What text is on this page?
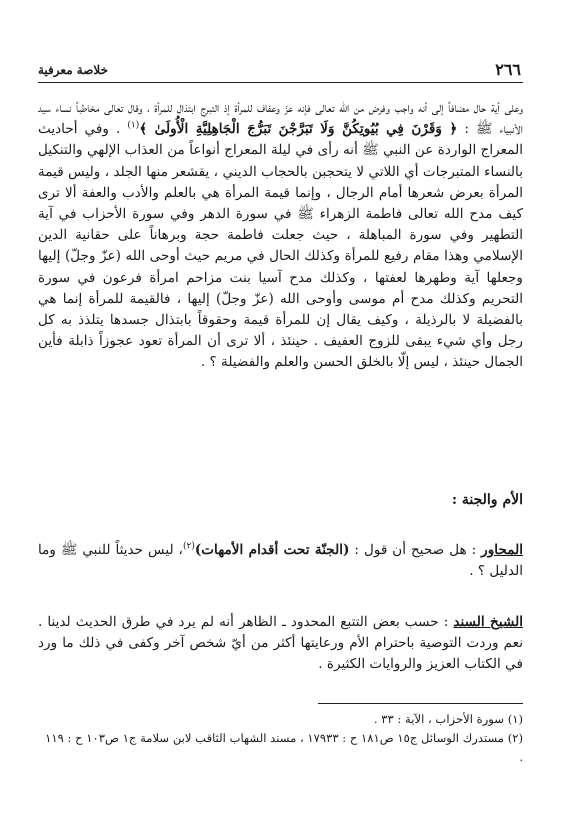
٢٦٦
خلاصة معرفية

وعلى أية حال مضافاً إلى أنه واجب وفرض من الله تعالى فإنه عزّ وعفاف للمرأة إذ التبرج ابتذال للمرأة ، وقال تعالى مخاطباً نساء سيد الأنبياء ﷺ : ﴿ وَقَرْنَ فِي بُيُوتِكُنَّ وَلَا تَبَرَّجْنَ تَبَرُّجَ الْجَاهِلِيَّةِ الْأُولَىٰ ﴾$^{(١)}$ . وفي أحاديث المعراج الواردة عن النبي ﷺ أنه رأى في ليلة المعراج أنواعاً من العذاب الإلهي والتنكيل بالنساء المتبرجات أي اللاتي لا يتحجبن بالحجاب الديني ، يقشعر منها الجلد ، وليس قيمة المرأة بعرض شعرها أمام الرجال ، وإنما قيمة المرأة هي بالعلم والأدب والعفة ألا ترى كيف مدح الله تعالى فاطمة الزهراء ﷺ في سورة الدهر وفي سورة الأحزاب في آية التطهير وفي سورة المباهلة ، حيث جعلت فاطمة حجة وبرهاناً على حقانية الدين الإسلامي وهذا مقام رفيع للمرأة وكذلك الحال في مريم حيث أوحى الله (عزّ وجلّ) إليها وجعلها آية وطهرها لعفتها ، وكذلك مدح آسيا بنت مزاحم امرأة فرعون في سورة التحريم وكذلك مدح أم موسى وأوحى الله (عزّ وجلّ) إليها ، فالقيمة للمرأة إنما هي بالفضيلة لا بالرذيلة ، وكيف يقال إن للمرأة قيمة وحقوقاً بابتذال جسدها يتلذذ به كل رجل وأي شيء يبقى للزوج العفيف . حينئذ ، ألا ترى أن المرأة تعود عجوزاً ذابلة فأين الجمال حينئذ ، ليس إلّا بالخلق الحسن والعلم والفضيلة ؟ .

الأم والجنة :

المحاور : هل صحيح أن قول : (الجنّة تحت أقدام الأمهات)$^{(٢)}$، ليس حديثاً للنبي ﷺ وما الدليل ؟ .

الشيخ السند : حسب بعض التتبع المحدود ـ الظاهر أنه لم يرد في طرق الحديث لدينا . نعم وردت التوصية باحترام الأم ورعايتها أكثر من أيّ شخص آخر وكفى في ذلك ما ورد في الكتاب العزيز والروايات الكثيرة .

(١) سورة الأحزاب ، الآية : ٣٣ .

(٢) مستدرك الوسائل ج١٥ ص١٨١ ح : ١٧٩٣٣ ، مسند الشهاب الثاقب لابن سلامة ج١ ص١٠٣ ح : ١١٩ .
